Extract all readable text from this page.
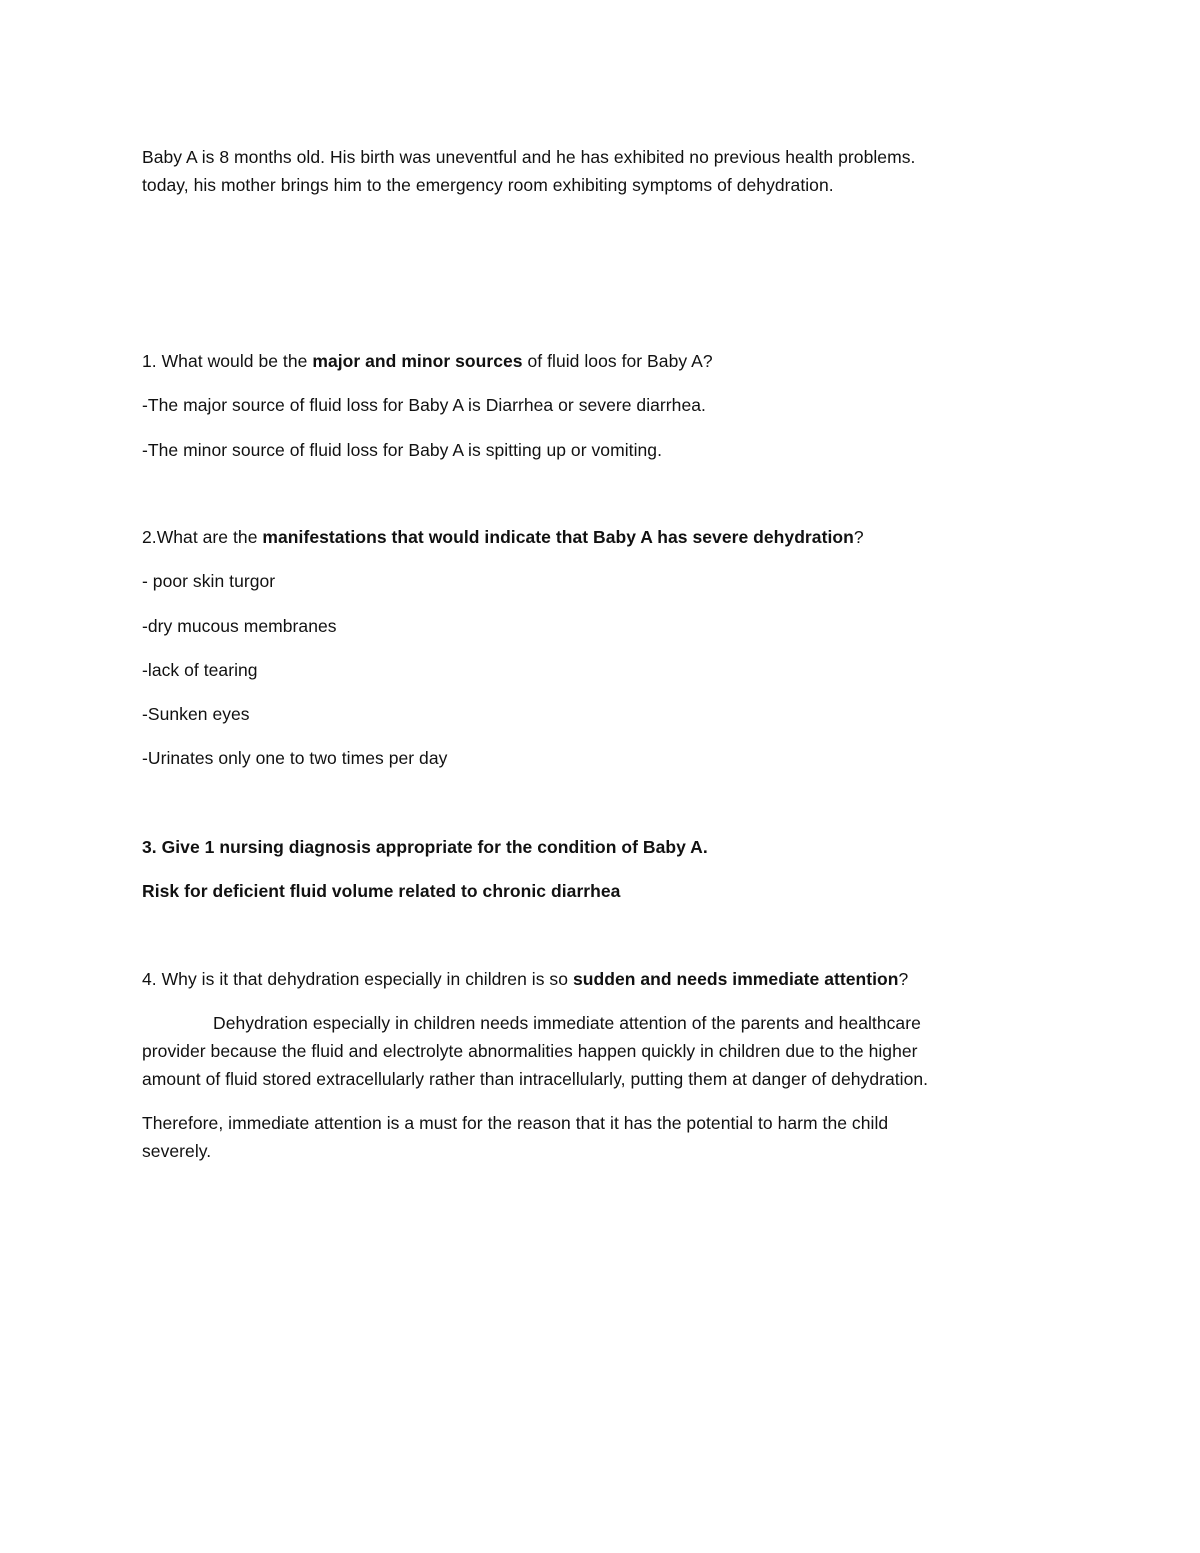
Baby A is 8 months old. His birth was uneventful and he has exhibited no previous health problems.
today, his mother brings him to the emergency room exhibiting symptoms of dehydration.
1. What would be the major and minor sources of fluid loos for Baby A?
-The major source of fluid loss for Baby A is Diarrhea or severe diarrhea.
-The minor source of fluid loss for Baby A is spitting up or vomiting.
2.What are the manifestations that would indicate that Baby A has severe dehydration?
- poor skin turgor
-dry mucous membranes
-lack of tearing
-Sunken eyes
-Urinates only one to two times per day
3. Give 1 nursing diagnosis appropriate for the condition of Baby A.
Risk for deficient fluid volume related to chronic diarrhea
4. Why is it that dehydration especially in children is so sudden and needs immediate attention?
Dehydration especially in children needs immediate attention of the parents and healthcare
provider because the fluid and electrolyte abnormalities happen quickly in children due to the higher
amount of fluid stored extracellularly rather than intracellularly, putting them at danger of dehydration.
Therefore, immediate attention is a must for the reason that it has the potential to harm the child
severely.
